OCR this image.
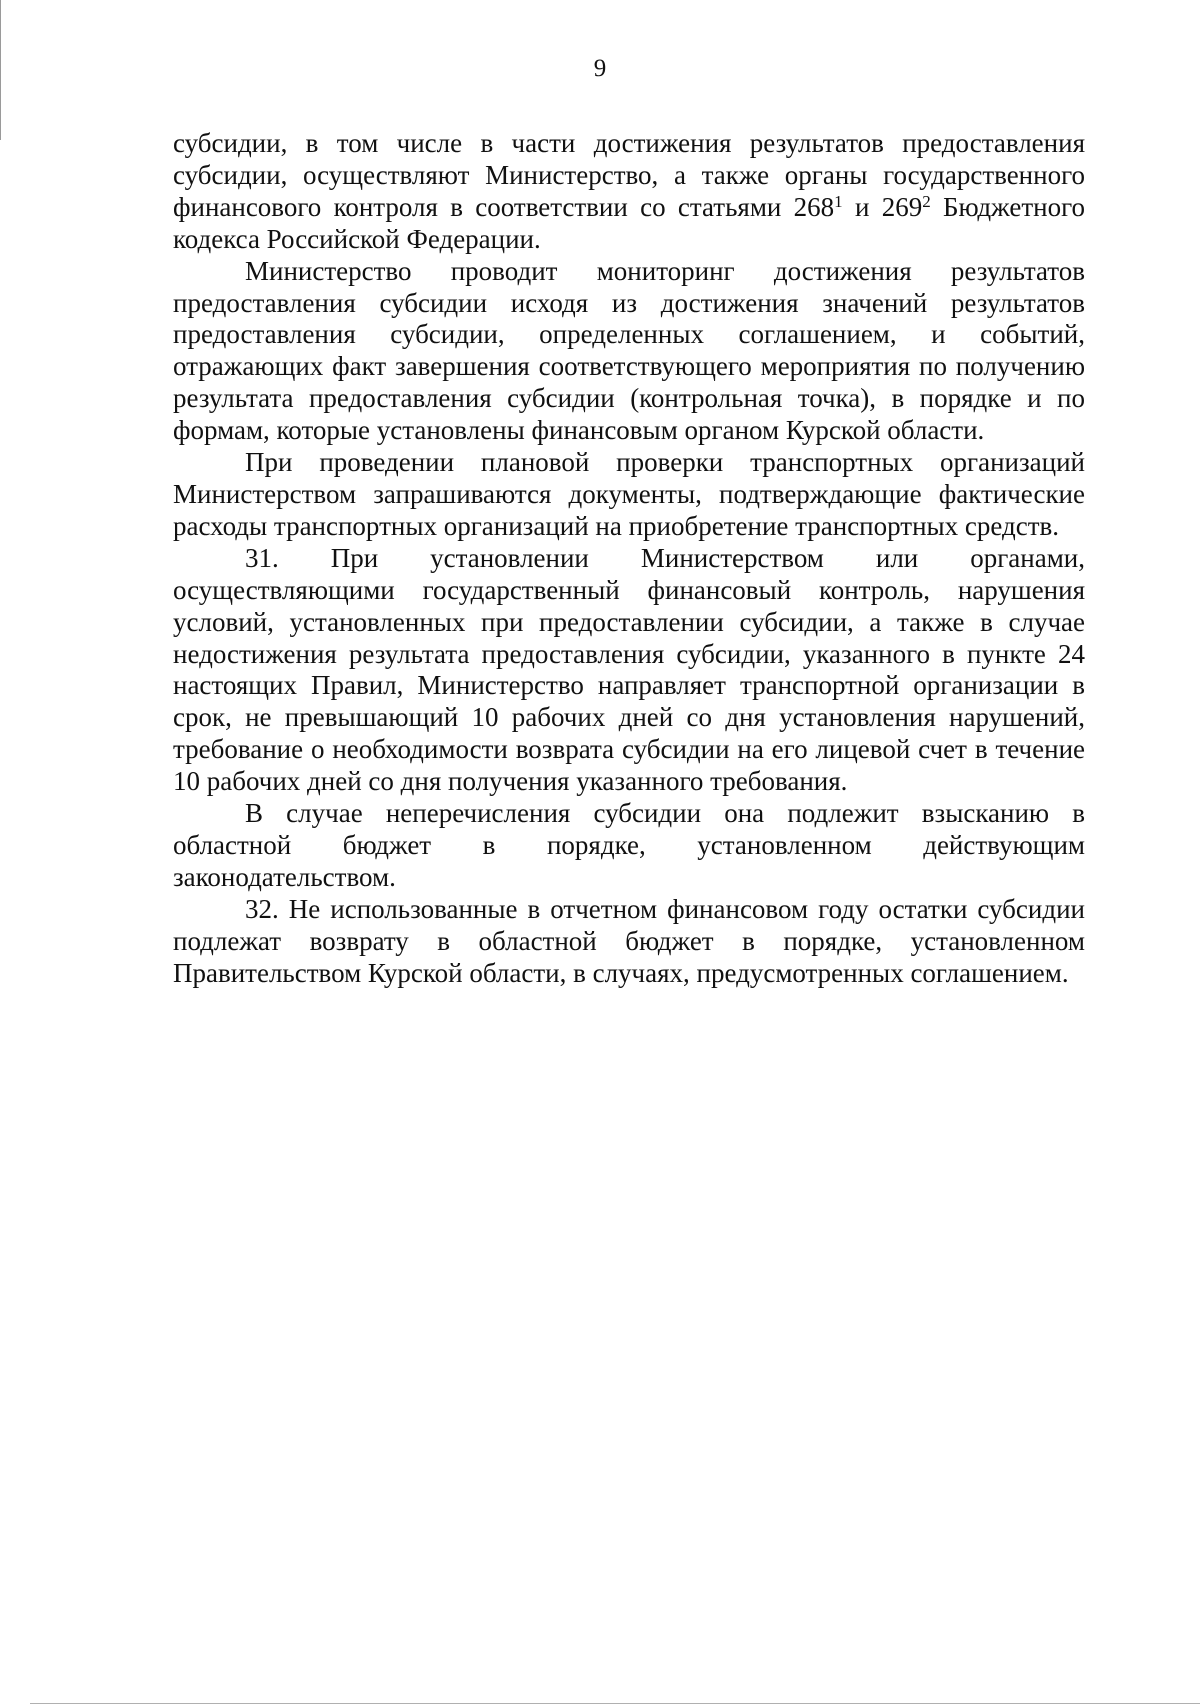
9

субсидии, в том числе в части достижения результатов предоставления субсидии, осуществляют Министерство, а также органы государственного финансового контроля в соответствии со статьями $268^1$ и $269^2$ Бюджетного кодекса Российской Федерации.

Министерство проводит мониторинг достижения результатов предоставления субсидии исходя из достижения значений результатов предоставления субсидии, определенных соглашением, и событий, отражающих факт завершения соответствующего мероприятия по получению результата предоставления субсидии (контрольная точка), в порядке и по формам, которые установлены финансовым органом Курской области.

При проведении плановой проверки транспортных организаций Министерством запрашиваются документы, подтверждающие фактические расходы транспортных организаций на приобретение транспортных средств.

31. При установлении Министерством или органами, осуществляющими государственный финансовый контроль, нарушения условий, установленных при предоставлении субсидии, а также в случае недостижения результата предоставления субсидии, указанного в пункте 24 настоящих Правил, Министерство направляет транспортной организации в срок, не превышающий 10 рабочих дней со дня установления нарушений, требование о необходимости возврата субсидии на его лицевой счет в течение 10 рабочих дней со дня получения указанного требования.

В случае неперечисления субсидии она подлежит взысканию в областной бюджет в порядке, установленном действующим законодательством.

32. Не использованные в отчетном финансовом году остатки субсидии подлежат возврату в областной бюджет в порядке, установленном Правительством Курской области, в случаях, предусмотренных соглашением.
